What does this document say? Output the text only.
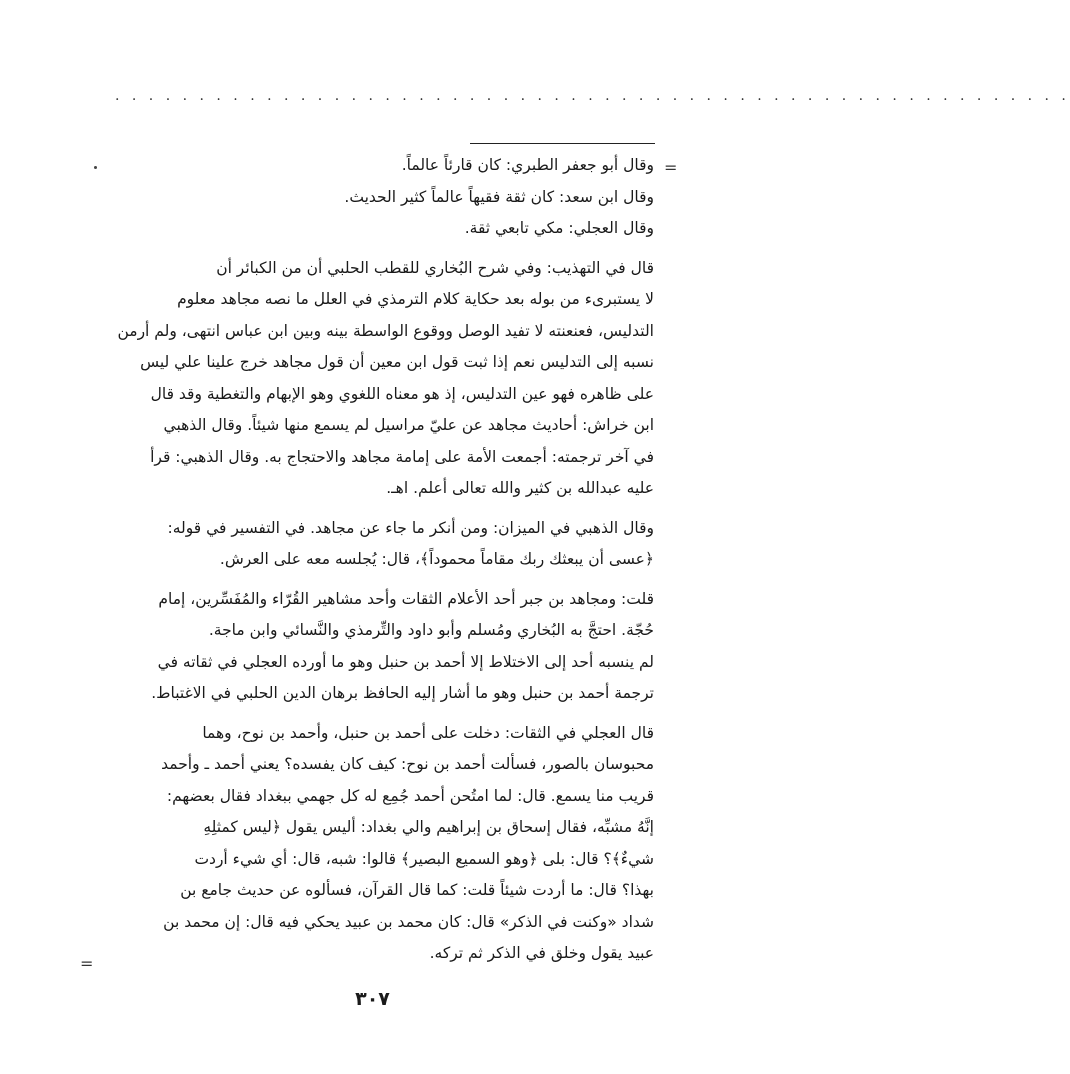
. . . . . . . . . . . . . . . . . . . . . . . . . . . . . . . . . . . . . . . . . . . . . . . . . . . . . . . . .
=
=

وقال أبو جعفر الطبري: كان قارئاً عالماً.

وقال ابن سعد: كان ثقة فقيهاً عالماً كثير الحديث.

وقال العجلي: مكي تابعي ثقة.

قال في التهذيب: وفي شرح البُخاري للقطب الحلبي أن من الكبائر أن
لا يستبرىء من بوله بعد حكاية كلام الترمذي في العلل ما نصه مجاهد معلوم
التدليس، فعنعنته لا تفيد الوصل ووقوع الواسطة بينه وبين ابن عباس انتهى، ولم أرمن
نسبه إلى التدليس نعم إذا ثبت قول ابن معين أن قول مجاهد خرج علينا علي ليس
على ظاهره فهو عين التدليس، إذ هو معناه اللغوي وهو الإبهام والتغطية وقد قال
ابن خراش: أحاديث مجاهد عن عليّ مراسيل لم يسمع منها شيئاً. وقال الذهبي
في آخر ترجمته: أجمعت الأمة على إمامة مجاهد والاحتجاج به. وقال الذهبي: قرأ
عليه عبدالله بن كثير والله تعالى أعلم. اهـ.

وقال الذهبي في الميزان: ومن أنكر ما جاء عن مجاهد. في التفسير في قوله:
﴿عسى أن يبعثك ربك مقاماً محموداً﴾، قال: يُجلسه معه على العرش.

قلت: ومجاهد بن جبر أحد الأعلام الثقات وأحد مشاهير القُرّاء والمُفَسِّرين، إمام
حُجّة. احتجَّ به البُخاري ومُسلم وأبو داود والتِّرمذي والنَّسائي وابن ماجة.
لم ينسبه أحد إلى الاختلاط إلا أحمد بن حنبل وهو ما أورده العجلي في ثقاته في
ترجمة أحمد بن حنبل وهو ما أشار إليه الحافظ برهان الدين الحلبي في الاغتباط.

قال العجلي في الثقات: دخلت على أحمد بن حنبل، وأحمد بن نوح، وهما
محبوسان بالصور، فسألت أحمد بن نوح: كيف كان يفسده؟ يعني أحمد ـ وأحمد
قريب منا يسمع. قال: لما امتُحن أحمد جُمِع له كل جهمي ببغداد فقال بعضهم:
إنَّهُ مشبِّه، فقال إسحاق بن إبراهيم والي بغداد: أليس يقول ﴿ليس كمثلِهِ
شيءٌ﴾؟ قال: بلى ﴿وهو السميع البصير﴾ قالوا: شبه، قال: أي شيء أردت
بهذا؟ قال: ما أردت شيئاً قلت: كما قال القرآن، فسألوه عن حديث جامع بن
شداد «وكنت في الذكر» قال: كان محمد بن عبيد يحكي فيه قال: إن محمد بن
عبيد يقول وخلق في الذكر ثم تركه.

٣٠٧
